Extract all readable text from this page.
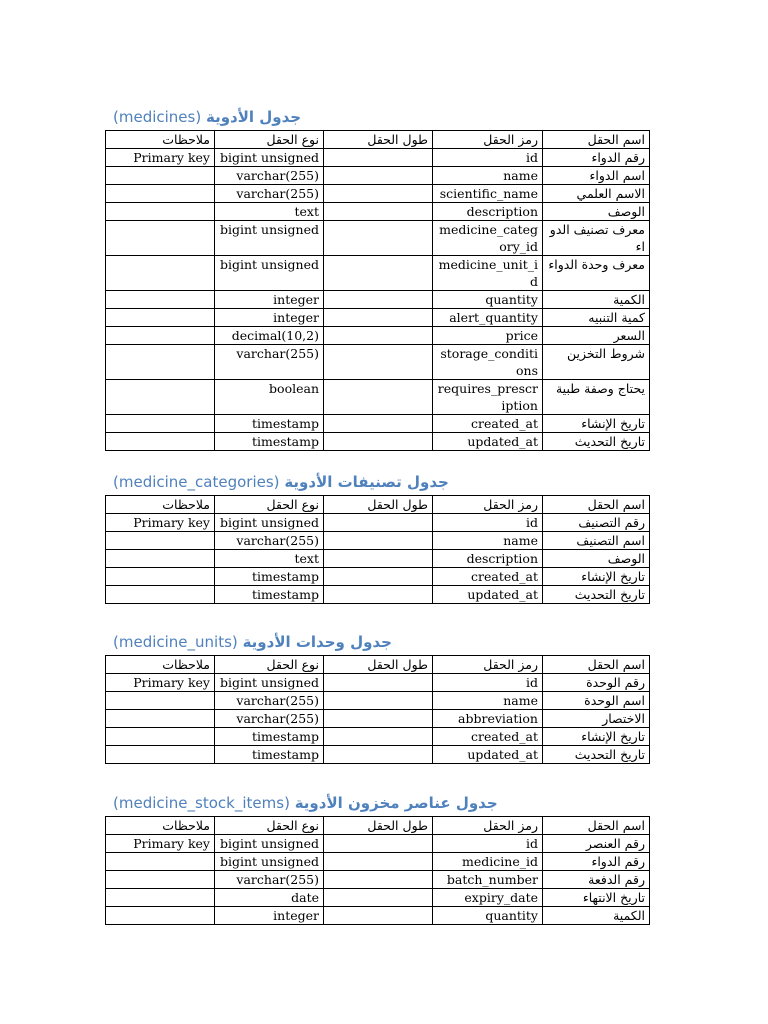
جدول الأدوية (medicines)
اسم الحقل	رمز الحقل	طول الحقل	نوع الحقل	ملاحظات
رقم الدواء	id		bigint unsigned	Primary key
اسم الدواء	name		varchar(255)	
الاسم العلمي	scientific_name		varchar(255)	
الوصف	description		text	
معرف تصنيف الدواء	medicine_category_id		bigint unsigned	
معرف وحدة الدواء	medicine_unit_id		bigint unsigned	
الكمية	quantity		integer	
كمية التنبيه	alert_quantity		integer	
السعر	price		decimal(10,2)	
شروط التخزين	storage_conditions		varchar(255)	
يحتاج وصفة طبية	requires_prescription		boolean	
تاريخ الإنشاء	created_at		timestamp	
تاريخ التحديث	updated_at		timestamp	
جدول تصنيفات الأدوية (medicine_categories)
اسم الحقل	رمز الحقل	طول الحقل	نوع الحقل	ملاحظات
رقم التصنيف	id		bigint unsigned	Primary key
اسم التصنيف	name		varchar(255)	
الوصف	description		text	
تاريخ الإنشاء	created_at		timestamp	
تاريخ التحديث	updated_at		timestamp	
جدول وحدات الأدوية (medicine_units)
اسم الحقل	رمز الحقل	طول الحقل	نوع الحقل	ملاحظات
رقم الوحدة	id		bigint unsigned	Primary key
اسم الوحدة	name		varchar(255)	
الاختصار	abbreviation		varchar(255)	
تاريخ الإنشاء	created_at		timestamp	
تاريخ التحديث	updated_at		timestamp	
جدول عناصر مخزون الأدوية (medicine_stock_items)
اسم الحقل	رمز الحقل	طول الحقل	نوع الحقل	ملاحظات
رقم العنصر	id		bigint unsigned	Primary key
رقم الدواء	medicine_id		bigint unsigned	
رقم الدفعة	batch_number		varchar(255)	
تاريخ الانتهاء	expiry_date		date	
الكمية	quantity		integer	
